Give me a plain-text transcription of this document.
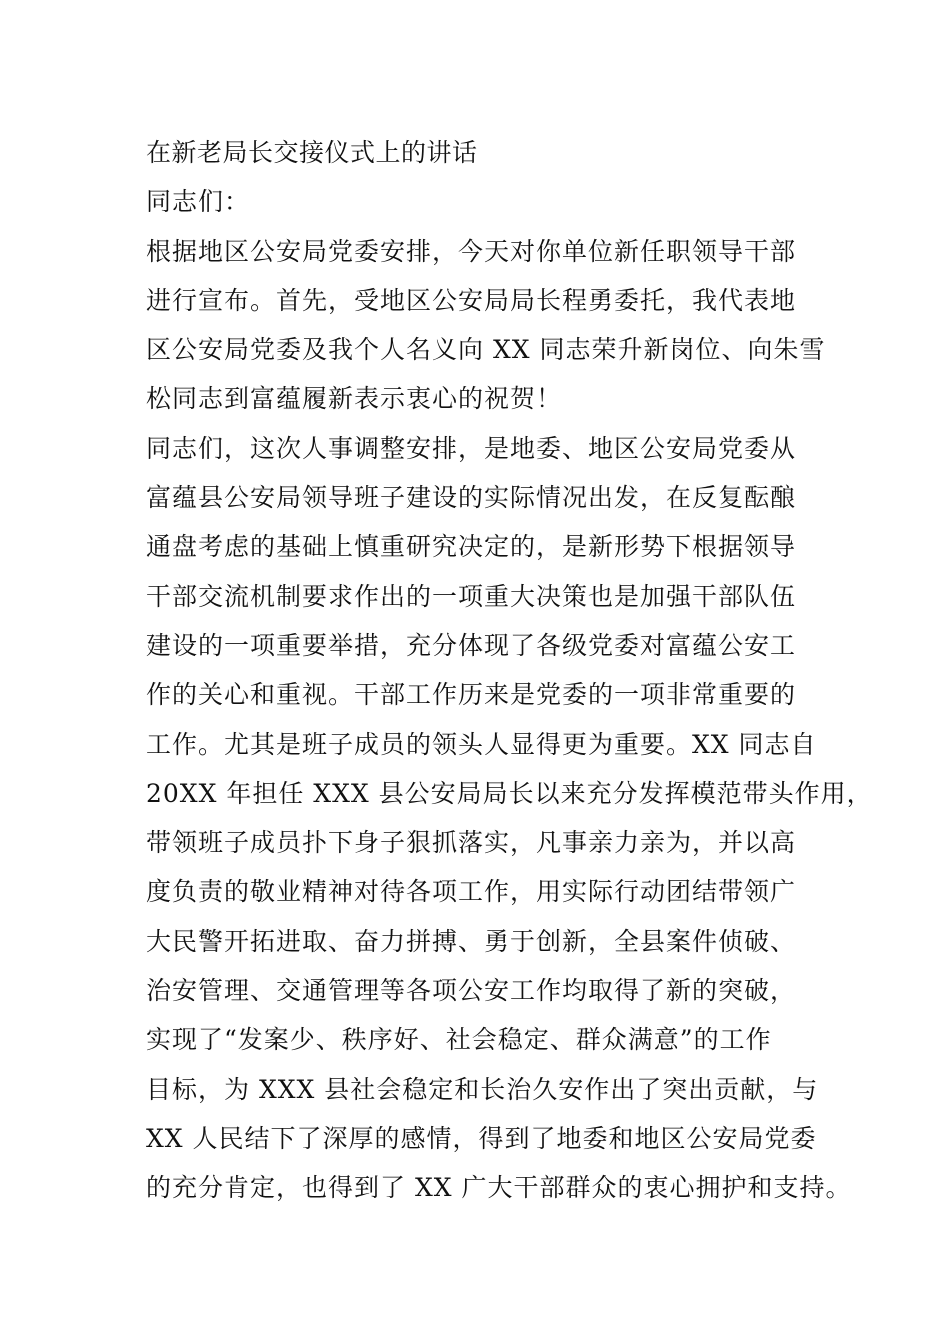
在新老局长交接仪式上的讲话
同志们：
根据地区公安局党委安排，今天对你单位新任职领导干部
进行宣布。首先，受地区公安局局长程勇委托，我代表地
区公安局党委及我个人名义向 XX 同志荣升新岗位、向朱雪
松同志到富蕴履新表示衷心的祝贺！
同志们，这次人事调整安排，是地委、地区公安局党委从
富蕴县公安局领导班子建设的实际情况出发，在反复酝酿
通盘考虑的基础上慎重研究决定的，是新形势下根据领导
干部交流机制要求作出的一项重大决策也是加强干部队伍
建设的一项重要举措，充分体现了各级党委对富蕴公安工
作的关心和重视。干部工作历来是党委的一项非常重要的
工作。尤其是班子成员的领头人显得更为重要。XX 同志自
20XX 年担任 XXX 县公安局局长以来充分发挥模范带头作用，
带领班子成员扑下身子狠抓落实，凡事亲力亲为，并以高
度负责的敬业精神对待各项工作，用实际行动团结带领广
大民警开拓进取、奋力拼搏、勇于创新，全县案件侦破、
治安管理、交通管理等各项公安工作均取得了新的突破，
实现了“发案少、秩序好、社会稳定、群众满意”的工作
目标，为 XXX 县社会稳定和长治久安作出了突出贡献，与
XX 人民结下了深厚的感情，得到了地委和地区公安局党委
的充分肯定，也得到了 XX 广大干部群众的衷心拥护和支持。
